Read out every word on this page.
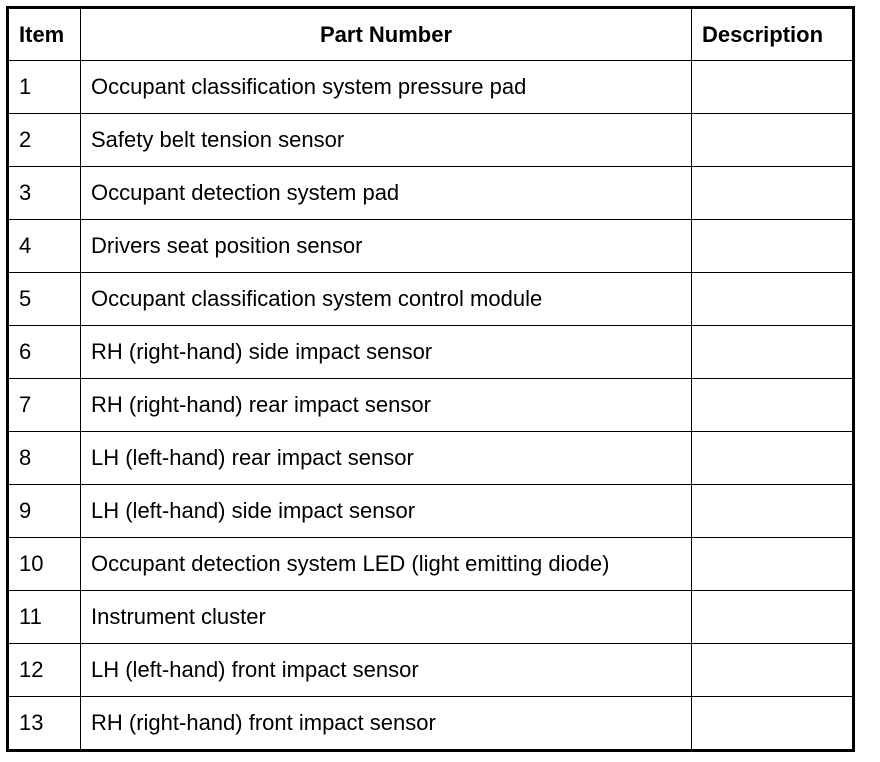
Item	Part Number	Description
1	Occupant classification system pressure pad	
2	Safety belt tension sensor	
3	Occupant detection system pad	
4	Drivers seat position sensor	
5	Occupant classification system control module	
6	RH (right-hand) side impact sensor	
7	RH (right-hand) rear impact sensor	
8	LH (left-hand) rear impact sensor	
9	LH (left-hand) side impact sensor	
10	Occupant detection system LED (light emitting diode)	
11	Instrument cluster	
12	LH (left-hand) front impact sensor	
13	RH (right-hand) front impact sensor	
